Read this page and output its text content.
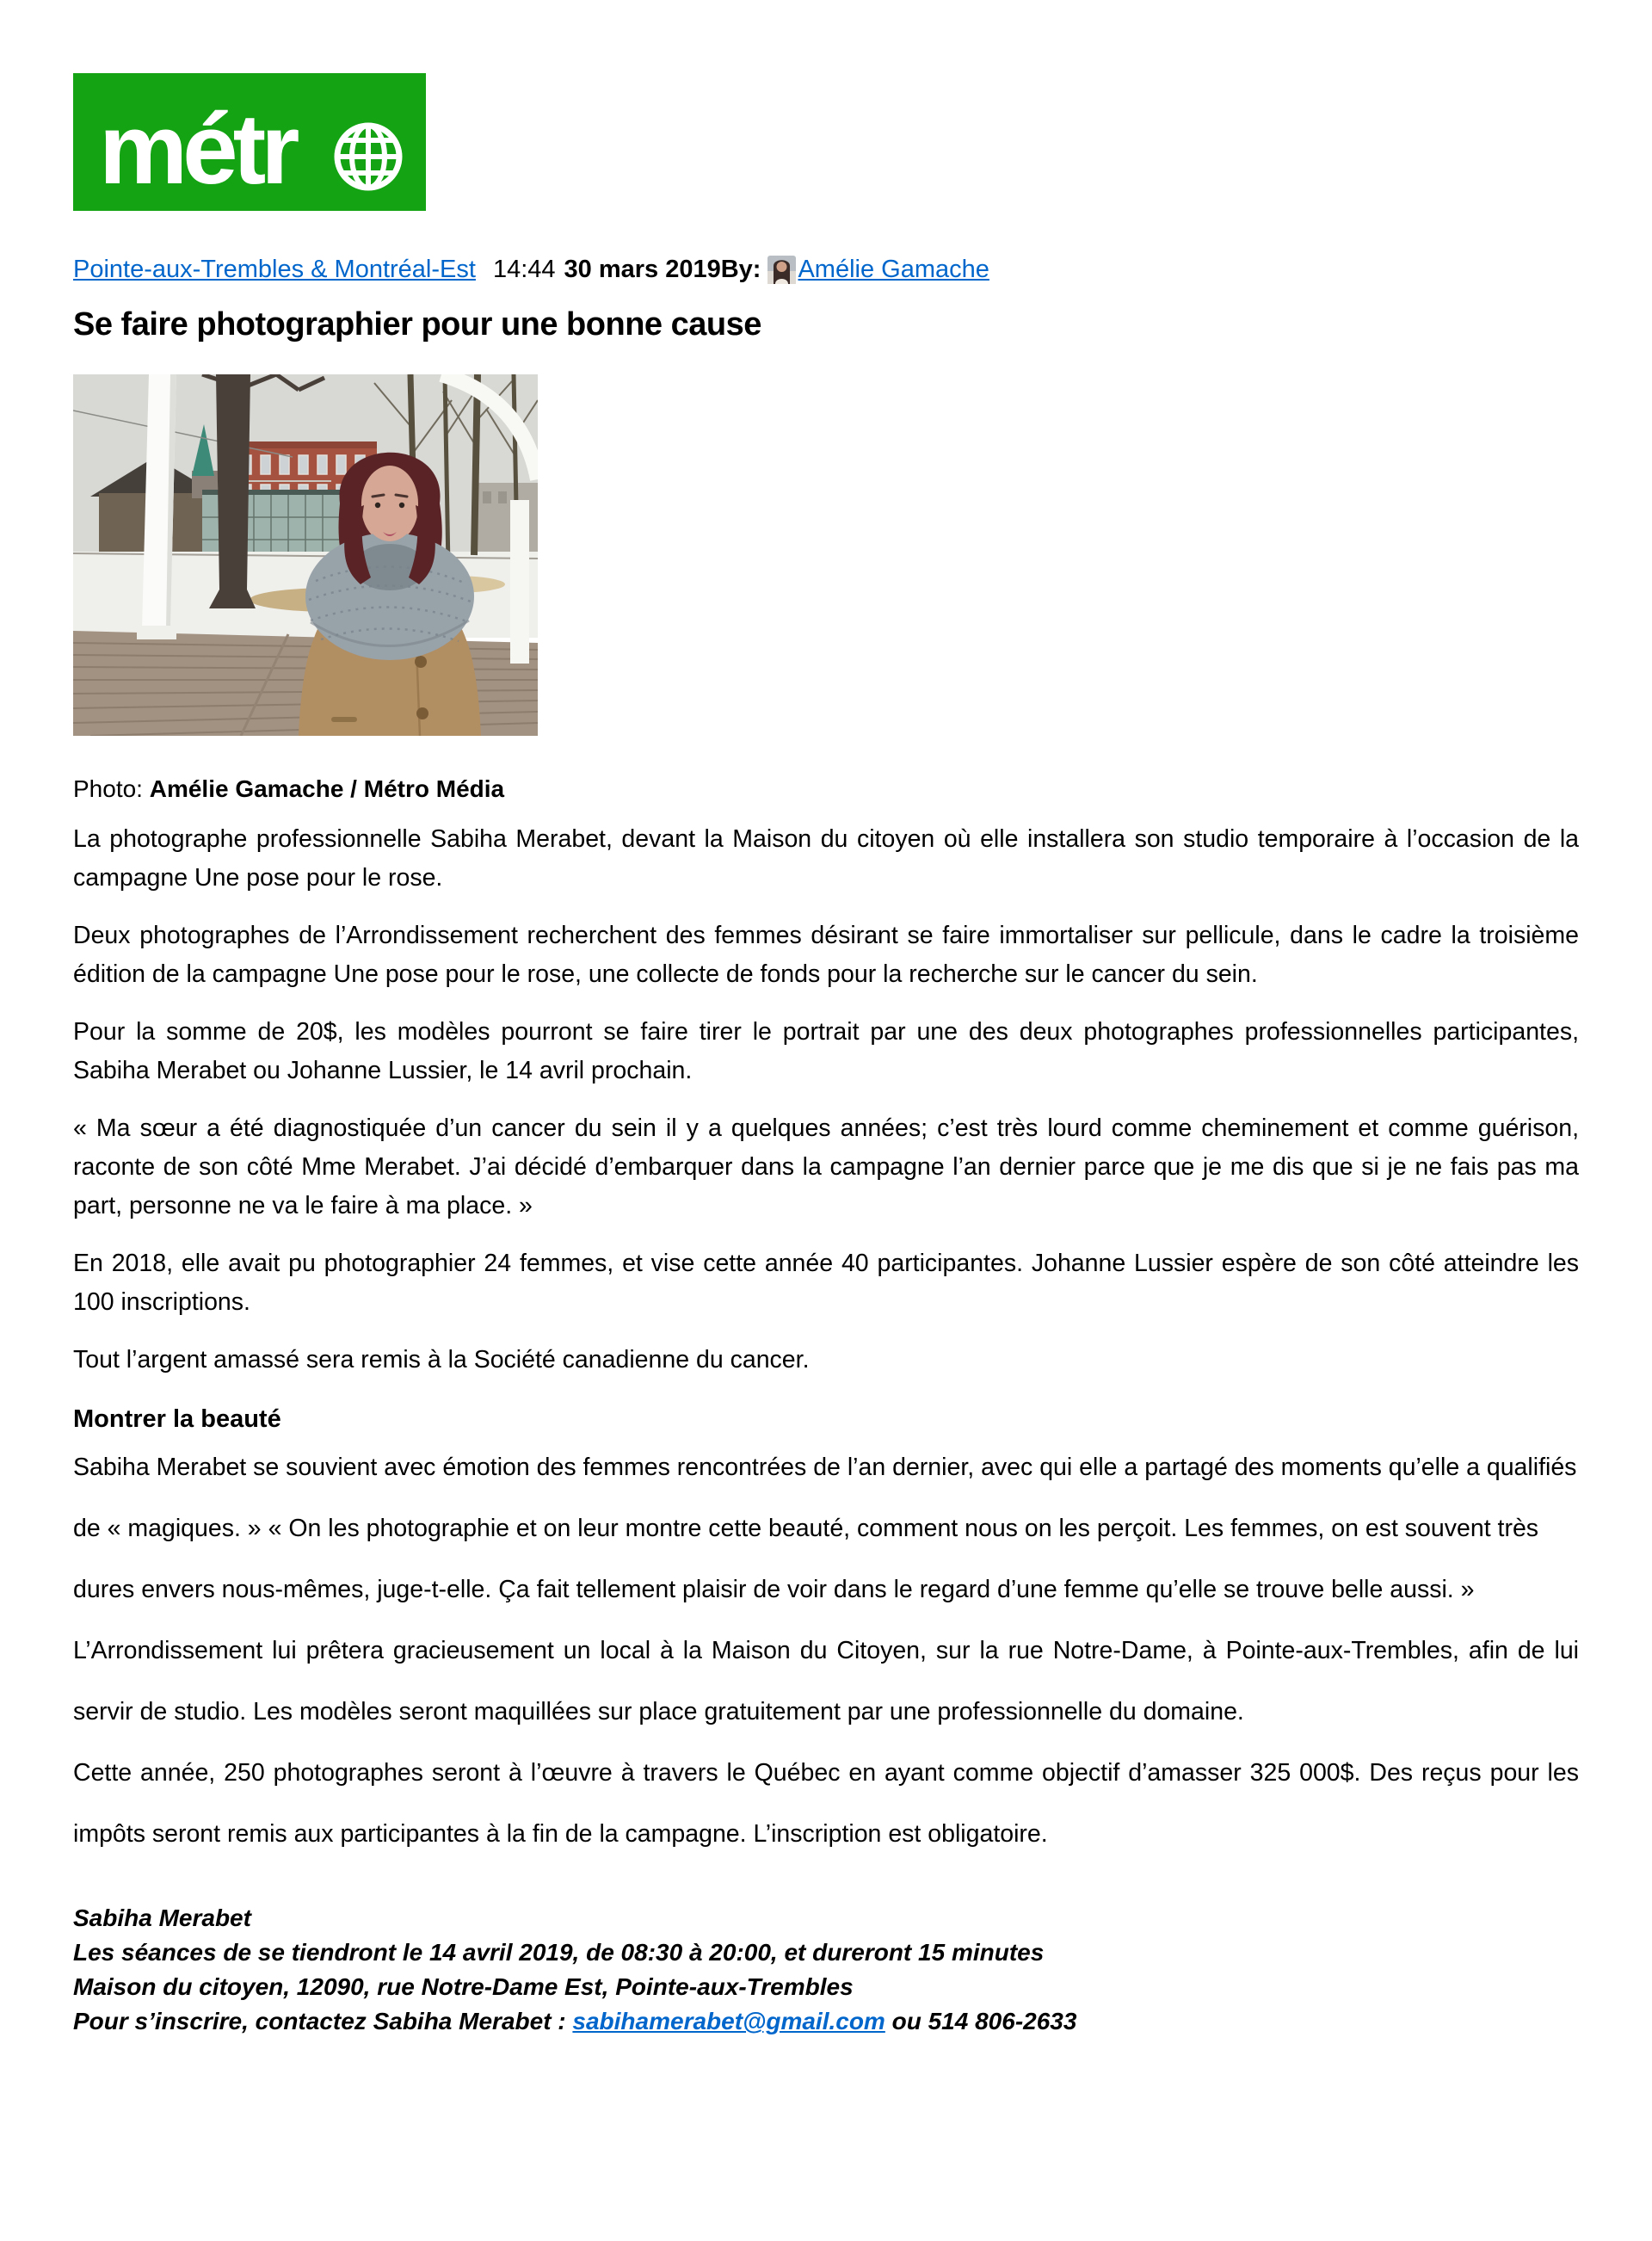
métr
Pointe-aux-Trembles & Montréal-Est 14:44 30 mars 2019By: Amélie Gamache
Se faire photographier pour une bonne cause

Photo: Amélie Gamache / Métro Média

La photographe professionnelle Sabiha Merabet, devant la Maison du citoyen où elle installera son studio temporaire à l’occasion de la campagne Une pose pour le rose.

Deux photographes de l’Arrondissement recherchent des femmes désirant se faire immortaliser sur pellicule, dans le cadre la troisième édition de la campagne Une pose pour le rose, une collecte de fonds pour la recherche sur le cancer du sein.

Pour la somme de 20$, les modèles pourront se faire tirer le portrait par une des deux photographes professionnelles participantes, Sabiha Merabet ou Johanne Lussier, le 14 avril prochain.

« Ma sœur a été diagnostiquée d’un cancer du sein il y a quelques années; c’est très lourd comme cheminement et comme guérison, raconte de son côté Mme Merabet. J’ai décidé d’embarquer dans la campagne l’an dernier parce que je me dis que si je ne fais pas ma part, personne ne va le faire à ma place. »

En 2018, elle avait pu photographier 24 femmes, et vise cette année 40 participantes. Johanne Lussier espère de son côté atteindre les 100 inscriptions.

Tout l’argent amassé sera remis à la Société canadienne du cancer.

Montrer la beauté

Sabiha Merabet se souvient avec émotion des femmes rencontrées de l’an dernier, avec qui elle a partagé des moments qu’elle a qualifiés de « magiques. » « On les photographie et on leur montre cette beauté, comment nous on les perçoit. Les femmes, on est souvent très dures envers nous-mêmes, juge-t-elle. Ça fait tellement plaisir de voir dans le regard d’une femme qu’elle se trouve belle aussi. »

L’Arrondissement lui prêtera gracieusement un local à la Maison du Citoyen, sur la rue Notre-Dame, à Pointe-aux-Trembles, afin de lui servir de studio. Les modèles seront maquillées sur place gratuitement par une professionnelle du domaine.

Cette année, 250 photographes seront à l’œuvre à travers le Québec en ayant comme objectif d’amasser 325 000$. Des reçus pour les impôts seront remis aux participantes à la fin de la campagne. L’inscription est obligatoire.

Sabiha Merabet

Les séances de se tiendront le 14 avril 2019, de 08:30 à 20:00, et dureront 15 minutes

Maison du citoyen, 12090, rue Notre-Dame Est, Pointe-aux-Trembles

Pour s’inscrire, contactez Sabiha Merabet : sabihamerabet@gmail.com ou 514 806-2633
